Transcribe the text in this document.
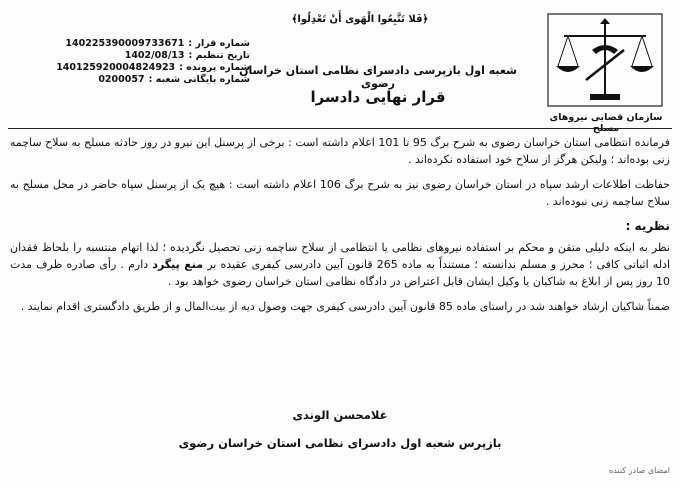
سازمان قضایی نیروهای مسلح
﴿فَلا تَتَّبِعُوا الْهَوی أَنْ تَعْدِلُوا﴾
شعبه اول بازپرسی دادسرای نظامی استان خراسان رضوی
قرار نهایی دادسرا
شماره قرار :
140225390009733671
تاریخ تنظیم :
1402/08/13
شماره پرونده :
140125920004824923
شماره بایگانی شعبه :
0200057

فرمانده انتظامی استان خراسان رضوی به شرح برگ 95 تا 101 اعلام داشته است : برخی از پرسنل این نیرو در روز حادثه مسلح به سلاح ساچمه زنی بوده‌اند ؛ ولیکن هرگز از سلاح خود استفاده نکرده‌اند .

حفاظت اطلاعات ارشد سپاه در استان خراسان رضوی نیز به شرح برگ 106 اعلام داشته است : هیچ یک از پرسنل سپاه حاضر در محل مسلح به سلاح ساچمه زنی نبوده‌اند .

نظریه :

نظر به اینکه دلیلی متقن و محکم بر استفاده نیروهای نظامی یا انتظامی از سلاح ساچمه زنی تحصیل نگردیده ؛ لذا اتهام منتسبه را بلحاظ فقدان ادله اثباتی کافی ؛ محرز و مسلم ندانسته ؛ مستنداً به ماده 265 قانون آیین دادرسی کیفری عقیده بر منع پیگرد دارم . رأی صادره ظرف مدت 10 روز پس از ابلاغ به شاکیان یا وکیل ایشان قابل اعتراض در دادگاه نظامی استان خراسان رضوی خواهد بود .

ضمناً شاکیان ارشاد خواهند شد در راستای ماده 85 قانون آیین دادرسی کیفری جهت وصول دیه از بیت‌المال و از طریق دادگستری اقدام نمایند .

غلامحسن الوندی
بازپرس شعبه اول دادسرای نظامی استان خراسان رضوی
امضای صادر کننده
